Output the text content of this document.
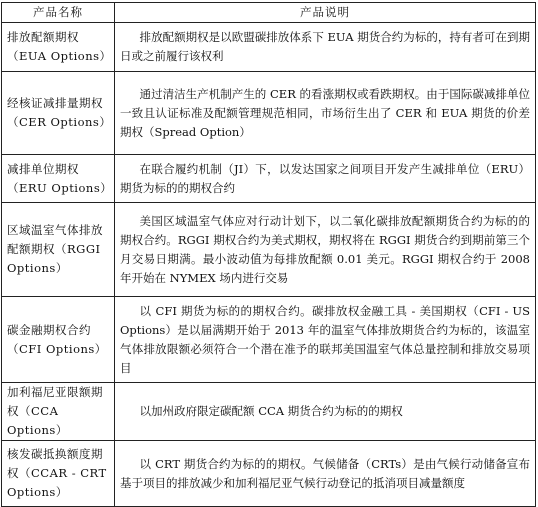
产品名称	产品说明
排放配额期权（EUA Options）	排放配额期权是以欧盟碳排放体系下 EUA 期货合约为标的，持有者可在到期日或之前履行该权利
经核证减排量期权（CER Options）	通过清洁生产机制产生的 CER 的看涨期权或看跌期权。由于国际碳减排单位一致且认证标准及配额管理规范相同，市场衍生出了 CER 和 EUA 期货的价差期权（Spread Option）
减排单位期权（ERU Options）	在联合履约机制（JI）下，以发达国家之间项目开发产生减排单位（ERU）期货为标的的期权合约
区域温室气体排放配额期权（RGGI Options）	美国区域温室气体应对行动计划下，以二氧化碳排放配额期货合约为标的的期权合约。RGGI 期权合约为美式期权，期权将在 RGGI 期货合约到期前第三个月交易日期满。最小波动值为每排放配额 0.01 美元。RGGI 期权合约于 2008 年开始在 NYMEX 场内进行交易
碳金融期权合约（CFI Options）	以 CFI 期货为标的的期权合约。碳排放权金融工具 - 美国期权（CFI - US Options）是以届满期开始于 2013 年的温室气体排放期货合约为标的，该温室气体排放限额必须符合一个潜在准予的联邦美国温室气体总量控制和排放交易项目
加利福尼亚限额期权（CCA Options）	以加州政府限定碳配额 CCA 期货合约为标的的期权
核发碳抵换额度期权（CCAR - CRT Options）	以 CRT 期货合约为标的的期权。气候储备（CRTs）是由气候行动储备宣布基于项目的排放减少和加利福尼亚气候行动登记的抵消项目减量额度
